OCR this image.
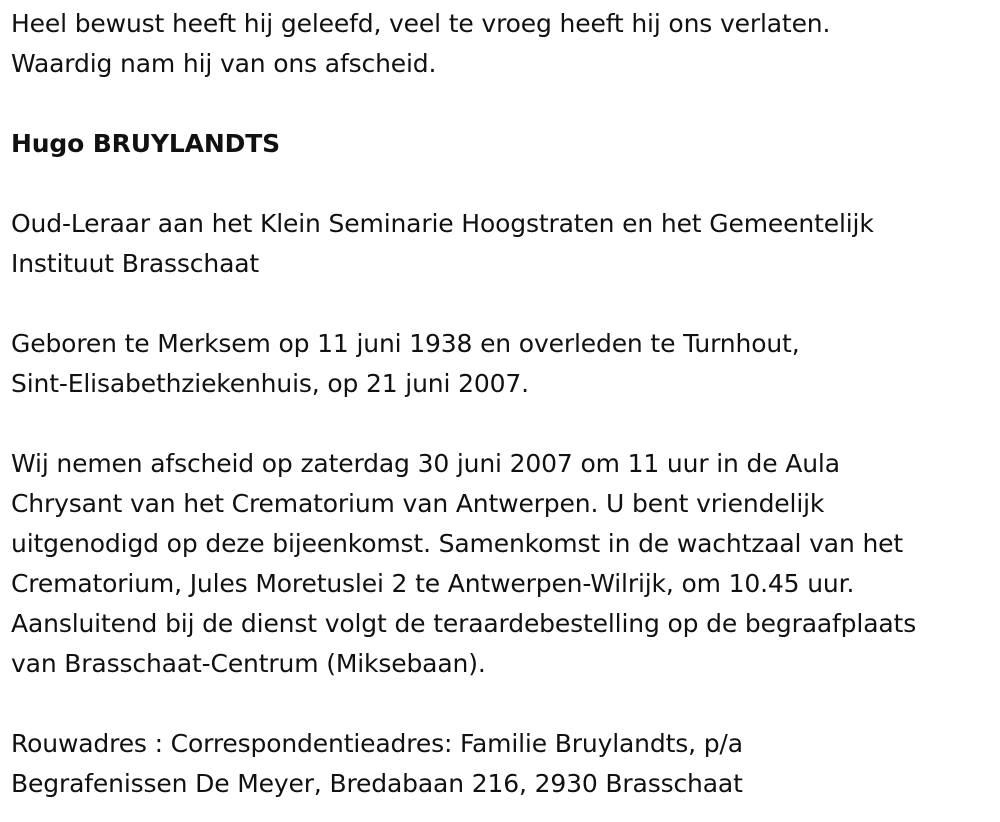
Heel bewust heeft hij geleefd, veel te vroeg heeft hij ons verlaten.
Waardig nam hij van ons afscheid.
Hugo BRUYLANDTS
Oud-Leraar aan het Klein Seminarie Hoogstraten en het Gemeentelijk
Instituut Brasschaat
Geboren te Merksem op 11 juni 1938 en overleden te Turnhout,
Sint-Elisabethziekenhuis, op 21 juni 2007.
Wij nemen afscheid op zaterdag 30 juni 2007 om 11 uur in de Aula
Chrysant van het Crematorium van Antwerpen. U bent vriendelijk
uitgenodigd op deze bijeenkomst. Samenkomst in de wachtzaal van het
Crematorium, Jules Moretuslei 2 te Antwerpen-Wilrijk, om 10.45 uur.
Aansluitend bij de dienst volgt de teraardebestelling op de begraafplaats
van Brasschaat-Centrum (Miksebaan).
Rouwadres : Correspondentieadres: Familie Bruylandts, p/a
Begrafenissen De Meyer, Bredabaan 216, 2930 Brasschaat
